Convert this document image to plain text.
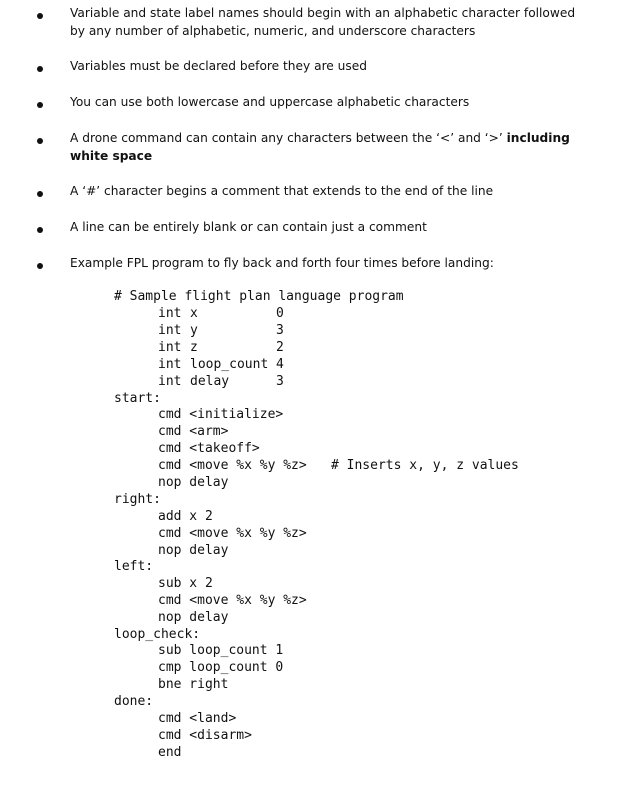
Variable and state label names should begin with an alphabetic character followed by any number of alphabetic, numeric, and underscore characters
Variables must be declared before they are used
You can use both lowercase and uppercase alphabetic characters
A drone command can contain any characters between the ‘<’ and ‘>’ including white space
A ‘#’ character begins a comment that extends to the end of the line
A line can be entirely blank or can contain just a comment
Example FPL program to fly back and forth four times before landing:
# Sample flight plan language program
int x	0
int y	3
int z	2
int loop_count 4
int delay	3
start:
cmd <initialize>
cmd <arm>
cmd <takeoff>
cmd <move %x %y %z> # Inserts x, y, z values
nop delay
right:
add x 2
cmd <move %x %y %z>
nop delay
left:
sub x 2
cmd <move %x %y %z>
nop delay
loop_check:
sub loop_count 1
cmp loop_count 0
bne right
done:
cmd <land>
cmd <disarm>
end
